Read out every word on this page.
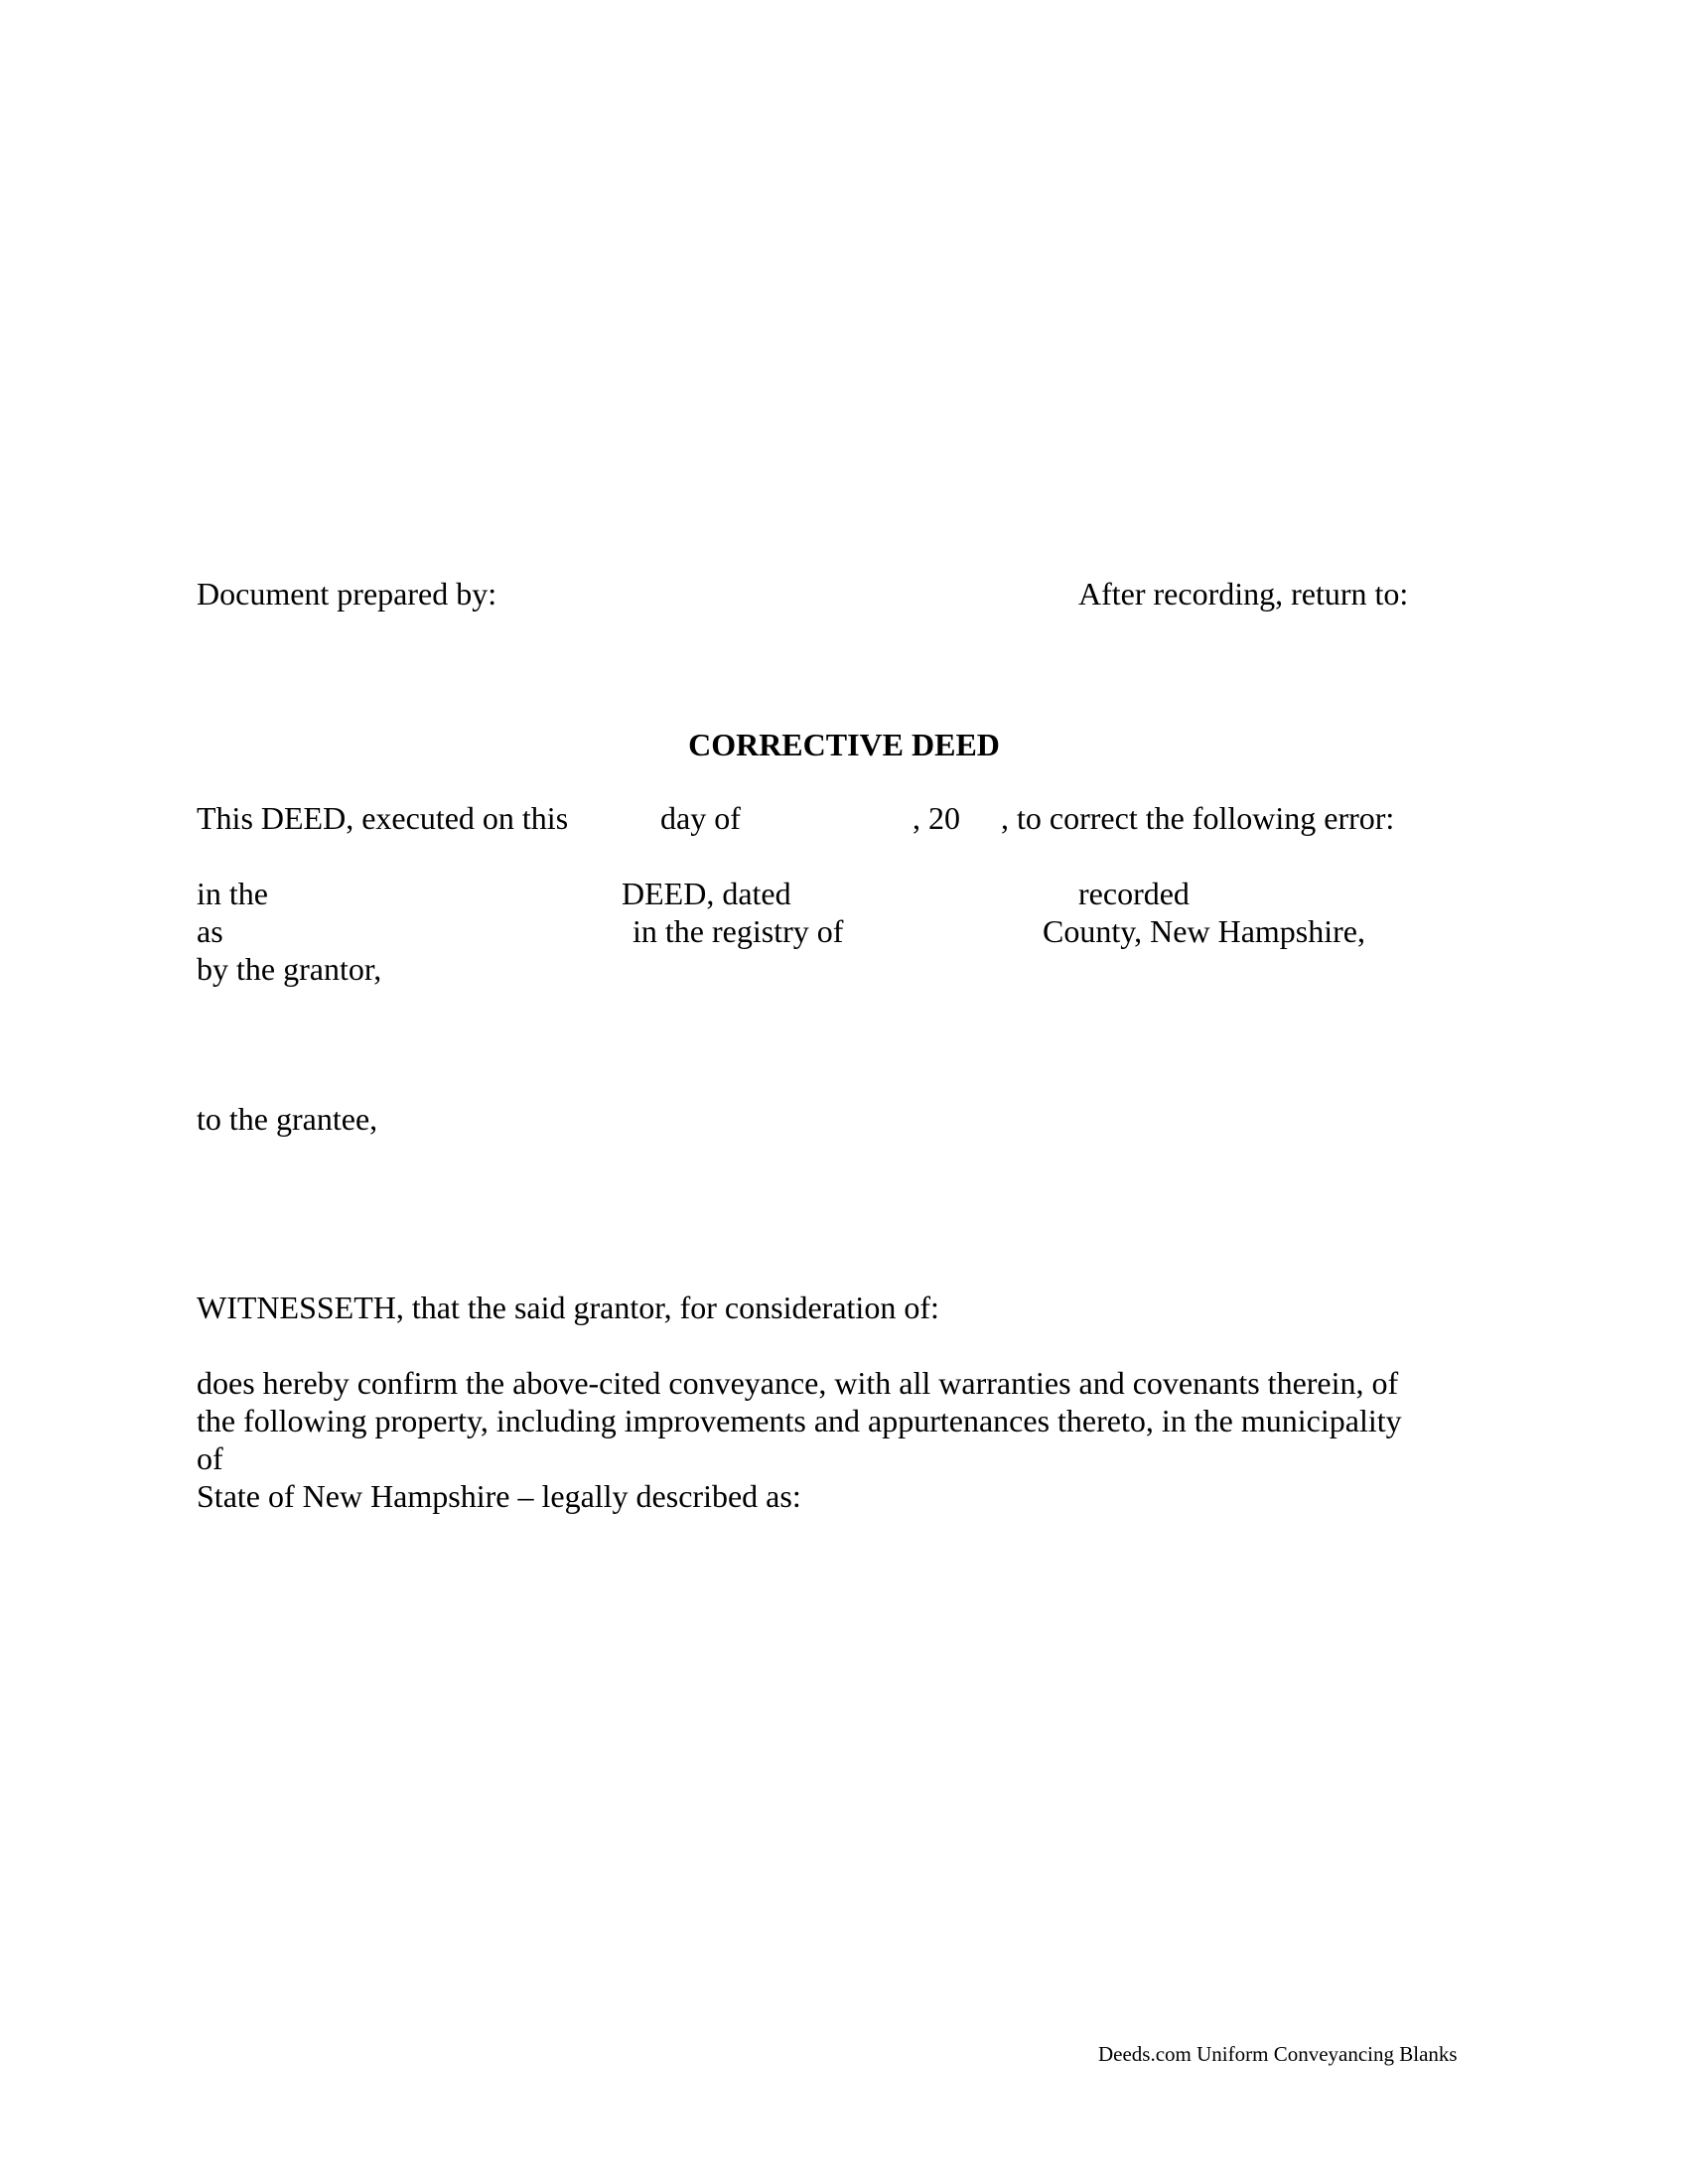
Document prepared by:	After recording, return to:
CORRECTIVE DEED
This DEED, executed on this	day of	, 20 , to correct the following error:
in the	DEED, dated	recorded
as	in the registry of	County, New Hampshire,
by the grantor,
to the grantee,
WITNESSETH, that the said grantor, for consideration of:
does hereby confirm the above-cited conveyance, with all warranties and covenants therein, of
the following property, including improvements and appurtenances thereto, in the municipality
of
State of New Hampshire – legally described as:
Deeds.com Uniform Conveyancing Blanks
